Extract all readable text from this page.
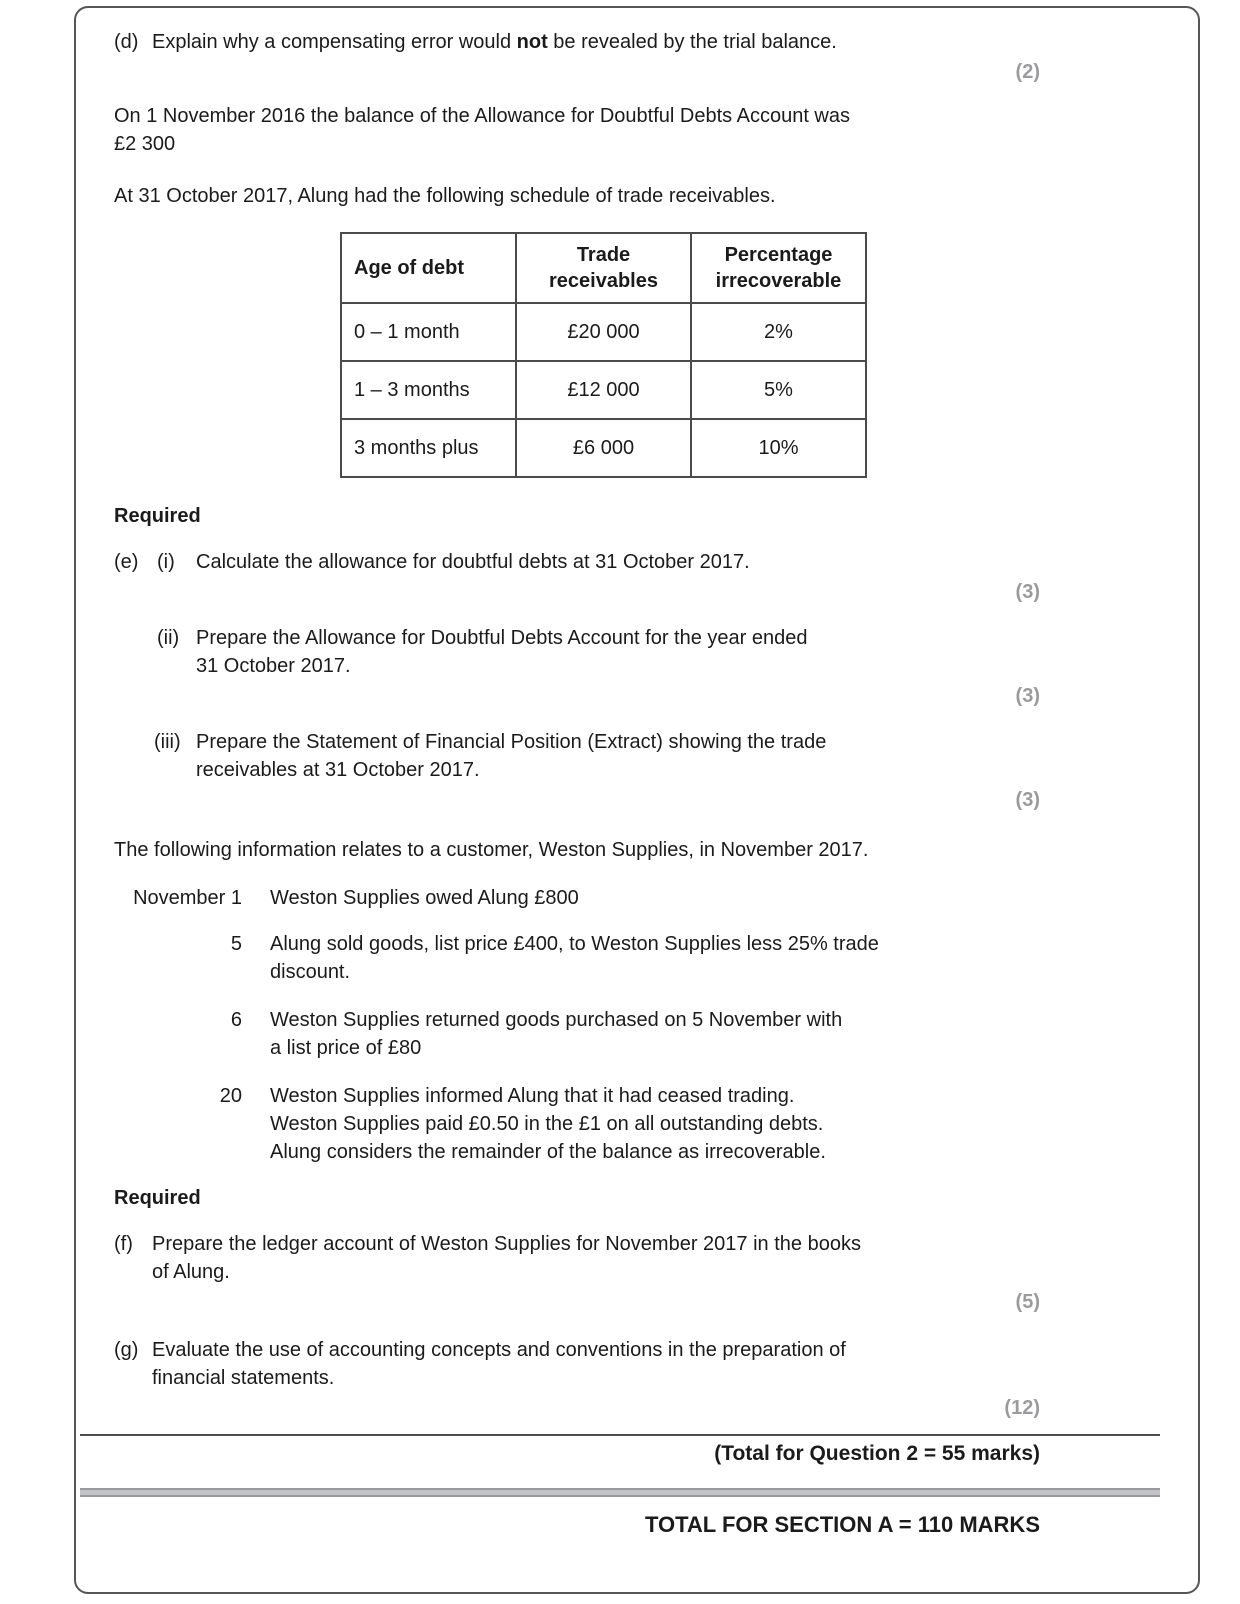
(d) Explain why a compensating error would not be revealed by the trial balance.
(2)
On 1 November 2016 the balance of the Allowance for Doubtful Debts Account was
£2 300
At 31 October 2017, Alung had the following schedule of trade receivables.
Age of debt	Trade receivables	Percentage irrecoverable
0 – 1 month	£20 000	2%
1 – 3 months	£12 000	5%
3 months plus	£6 000	10%
Required
(e) (i)	Calculate the allowance for doubtful debts at 31 October 2017.
(3)
(ii) Prepare the Allowance for Doubtful Debts Account for the year ended
31 October 2017.
(3)
(iii) Prepare the Statement of Financial Position (Extract) showing the trade
receivables at 31 October 2017.
(3)
The following information relates to a customer, Weston Supplies, in November 2017.
November 1 Weston Supplies owed Alung £800
5 Alung sold goods, list price £400, to Weston Supplies less 25% trade
discount.
6 Weston Supplies returned goods purchased on 5 November with
a list price of £80
20 Weston Supplies informed Alung that it had ceased trading.
Weston Supplies paid £0.50 in the £1 on all outstanding debts.
Alung considers the remainder of the balance as irrecoverable.
Required
(f) Prepare the ledger account of Weston Supplies for November 2017 in the books
of Alung.
(5)
(g) Evaluate the use of accounting concepts and conventions in the preparation of
financial statements.
(12)
(Total for Question 2 = 55 marks)
TOTAL FOR SECTION A = 110 MARKS
